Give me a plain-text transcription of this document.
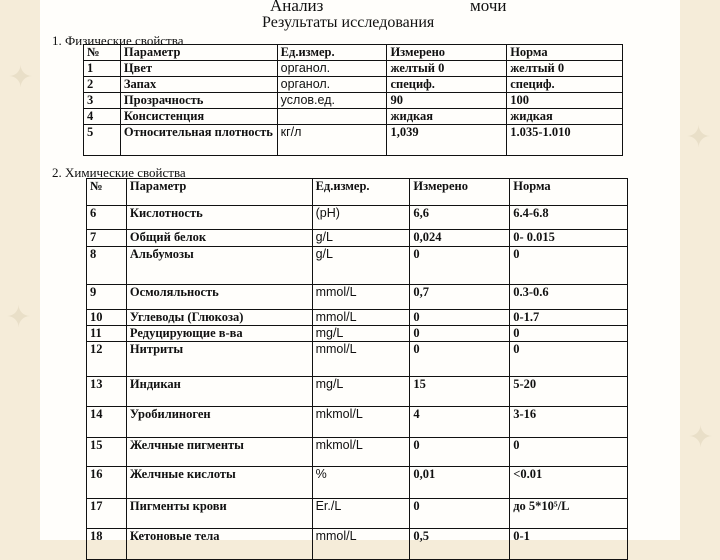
✦
✦
✦
✦
Анализ	мочи
Результаты исследования
1. Физические свойства
№	Параметр	Ед.измер.	Измерено	Норма
1	Цвет	органол.	желтый 0	желтый 0
2	Запах	органол.	специф.	специф.
3	Прозрачность	услов.ед.	90	100
4	Консистенция		жидкая	жидкая
5	Относительная плотность	кг/л	1,039	1.035-1.010
2. Химические свойства
№	Параметр	Ед.измер.	Измерено	Норма
6	Кислотность	(pH)	6,6	6.4-6.8
7	Общий белок	g/L	0,024	0- 0.015
8	Альбумозы	g/L	0	0
9	Осмоляльность	mmol/L	0,7	0.3-0.6
10	Углеводы (Глюкоза)	mmol/L	0	0-1.7
11	Редуцирующие в-ва	mg/L	0	0
12	Нитриты	mmol/L	0	0
13	Индикан	mg/L	15	5-20
14	Уробилиноген	mkmol/L	4	3-16
15	Желчные пигменты	mkmol/L	0	0
16	Желчные кислоты	%	0,01	<0.01
17	Пигменты крови	Er./L	0	до 5*10⁵/L
18	Кетоновые тела	mmol/L	0,5	0-1
